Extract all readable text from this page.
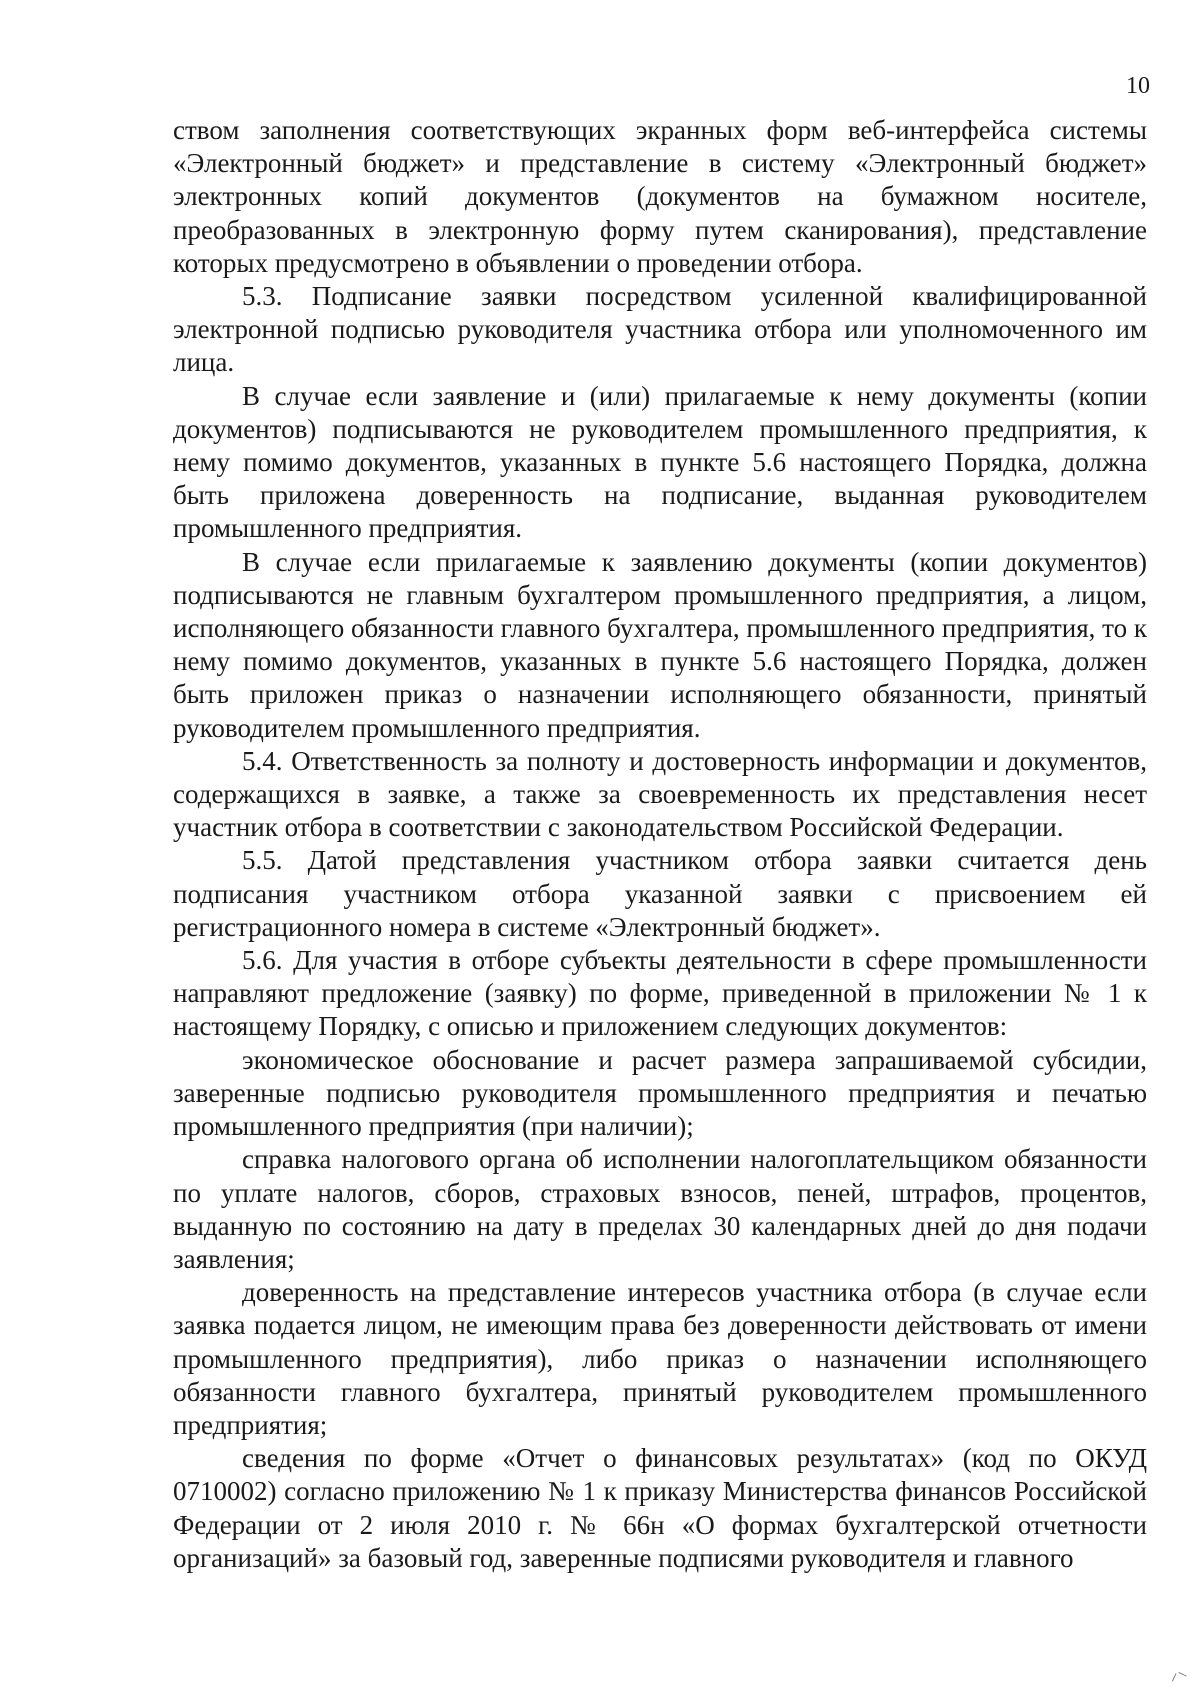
10

ством заполнения соответствующих экранных форм веб-интерфейса системы «Электронный бюджет» и представление в систему «Электронный бюджет» электронных копий документов (документов на бумажном носителе, преобразованных в электронную форму путем сканирования), представление которых предусмотрено в объявлении о проведении отбора.

5.3. Подписание заявки посредством усиленной квалифицированной электронной подписью руководителя участника отбора или уполномоченного им лица.

В случае если заявление и (или) прилагаемые к нему документы (копии документов) подписываются не руководителем промышленного предприятия, к нему помимо документов, указанных в пункте 5.6 настоящего Порядка, должна быть приложена доверенность на подписание, выданная руководителем промышленного предприятия.

В случае если прилагаемые к заявлению документы (копии документов) подписываются не главным бухгалтером промышленного предприятия, а лицом, исполняющего обязанности главного бухгалтера, промышленного предприятия, то к нему помимо документов, указанных в пункте 5.6 настоящего Порядка, должен быть приложен приказ о назначении исполняющего обязанности, принятый руководителем промышленного предприятия.

5.4. Ответственность за полноту и достоверность информации и документов, содержащихся в заявке, а также за своевременность их представления несет участник отбора в соответствии с законодательством Российской Федерации.

5.5. Датой представления участником отбора заявки считается день подписания участником отбора указанной заявки с присвоением ей регистрационного номера в системе «Электронный бюджет».

5.6. Для участия в отборе субъекты деятельности в сфере промышленности направляют предложение (заявку) по форме, приведенной в приложении № 1 к настоящему Порядку, с описью и приложением следующих документов:

экономическое обоснование и расчет размера запрашиваемой субсидии, заверенные подписью руководителя промышленного предприятия и печатью промышленного предприятия (при наличии);

справка налогового органа об исполнении налогоплательщиком обязанности по уплате налогов, сборов, страховых взносов, пеней, штрафов, процентов, выданную по состоянию на дату в пределах 30 календарных дней до дня подачи заявления;

доверенность на представление интересов участника отбора (в случае если заявка подается лицом, не имеющим права без доверенности действовать от имени промышленного предприятия), либо приказ о назначении исполняющего обязанности главного бухгалтера, принятый руководителем промышленного предприятия;

сведения по форме «Отчет о финансовых результатах» (код по ОКУД 0710002) согласно приложению № 1 к приказу Министерства финансов Российской Федерации от 2 июля 2010 г. № 66н «О формах бухгалтерской отчетности организаций» за базовый год, заверенные подписями руководителя и главного

⸝⸜
